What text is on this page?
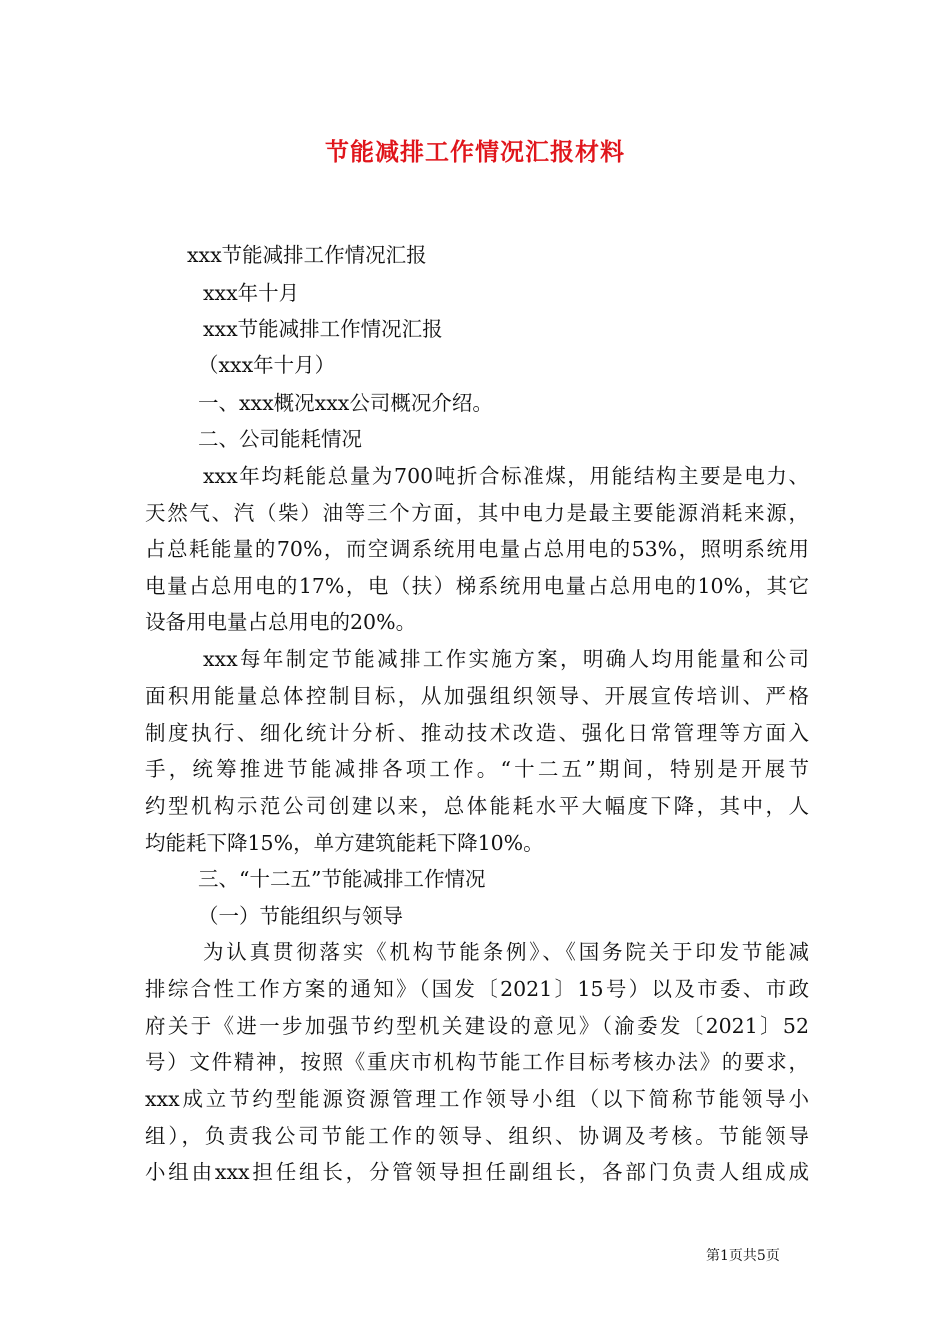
节能减排工作情况汇报材料
xxx节能减排工作情况汇报
xxx年十月
xxx节能减排工作情况汇报
（xxx年十月）
一、xxx概况xxx公司概况介绍。
二、公司能耗情况
xxx年均耗能总量为700吨折合标准煤，用能结构主要是电力、
天然气、汽（柴）油等三个方面，其中电力是最主要能源消耗来源，
占总耗能量的70%，而空调系统用电量占总用电的53%，照明系统用
电量占总用电的17%，电（扶）梯系统用电量占总用电的10%，其它
设备用电量占总用电的20%。
xxx每年制定节能减排工作实施方案，明确人均用能量和公司
面积用能量总体控制目标，从加强组织领导、开展宣传培训、严格
制度执行、细化统计分析、推动技术改造、强化日常管理等方面入
手，统筹推进节能减排各项工作。“十二五”期间，特别是开展节
约型机构示范公司创建以来，总体能耗水平大幅度下降，其中，人
均能耗下降15%，单方建筑能耗下降10%。
三、“十二五”节能减排工作情况
（一）节能组织与领导
为认真贯彻落实《机构节能条例》、《国务院关于印发节能减
排综合性工作方案的通知》（国发〔2021〕15号）以及市委、市政
府关于《进一步加强节约型机关建设的意见》（渝委发〔2021〕52
号）文件精神，按照《重庆市机构节能工作目标考核办法》的要求，
xxx成立节约型能源资源管理工作领导小组（以下简称节能领导小
组），负责我公司节能工作的领导、组织、协调及考核。节能领导
小组由xxx担任组长，分管领导担任副组长，各部门负责人组成成
第1页共5页
